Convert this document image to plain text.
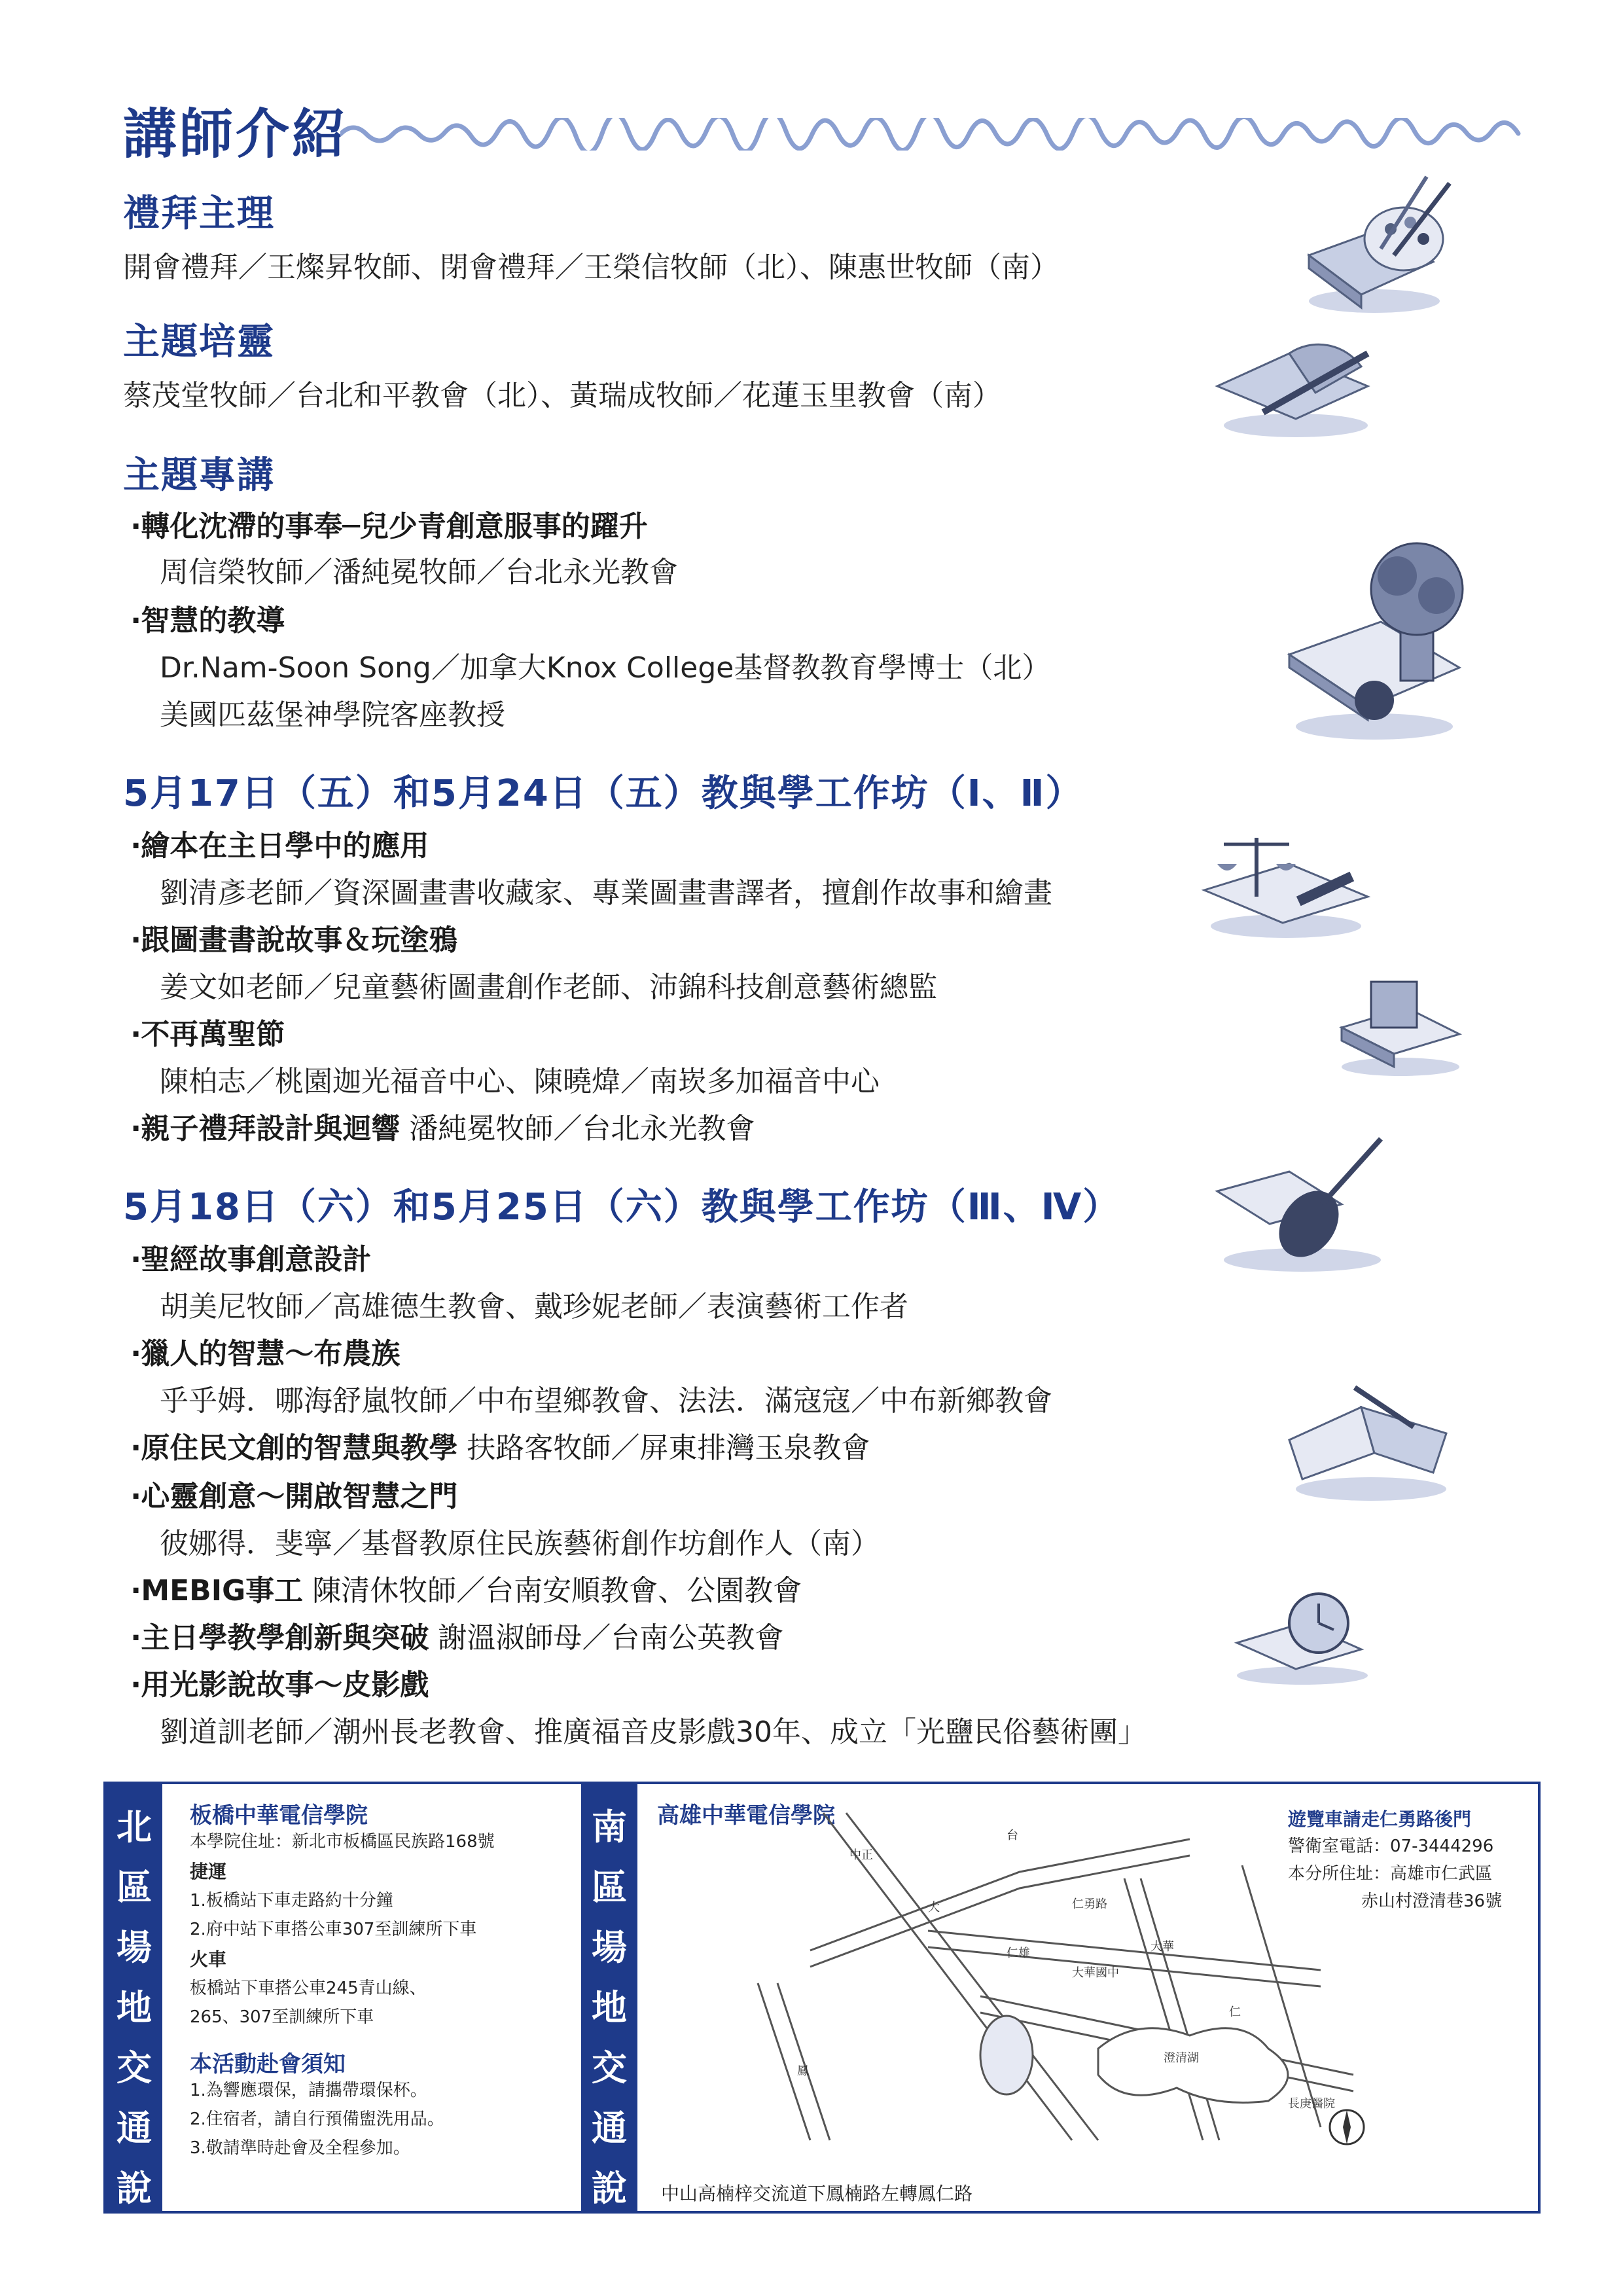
講師介紹
禮拜主理
開會禮拜／王燦昇牧師、閉會禮拜／王榮信牧師（北）、陳惠世牧師（南）
主題培靈
蔡茂堂牧師／台北和平教會（北）、黃瑞成牧師／花蓮玉里教會（南）
主題專講
‧轉化沈滯的事奉─兒少青創意服事的躍升
周信榮牧師／潘純冕牧師／台北永光教會
‧智慧的教導
Dr.Nam-Soon Song／加拿大Knox College基督教教育學博士（北）
美國匹茲堡神學院客座教授
5月17日（五）和5月24日（五）教與學工作坊（Ⅰ、Ⅱ）
‧繪本在主日學中的應用
劉清彥老師／資深圖畫書收藏家、專業圖畫書譯者，擅創作故事和繪畫
‧跟圖畫書說故事＆玩塗鴉
姜文如老師／兒童藝術圖畫創作老師、沛錦科技創意藝術總監
‧不再萬聖節
陳柏志／桃園迦光福音中心、陳曉煒／南崁多加福音中心
‧親子禮拜設計與迴響 潘純冕牧師／台北永光教會
5月18日（六）和5月25日（六）教與學工作坊（Ⅲ、Ⅳ）
‧聖經故事創意設計
胡美尼牧師／高雄德生教會、戴珍妮老師／表演藝術工作者
‧獵人的智慧～布農族
乎乎姆．哪海舒嵐牧師／中布望鄉教會、法法．滿寇寇／中布新鄉教會
‧原住民文創的智慧與教學 扶路客牧師／屏東排灣玉泉教會
‧心靈創意～開啟智慧之門
彼娜得．斐寧／基督教原住民族藝術創作坊創作人（南）
‧MEBIG事工 陳清休牧師／台南安順教會、公園教會
‧主日學教學創新與突破 謝溫淑師母／台南公英教會
‧用光影說故事～皮影戲
劉道訓老師／潮州長老教會、推廣福音皮影戲30年、成立「光鹽民俗藝術團」
北
區
場
地
交
通
說
明
南
區
場
地
交
通
說
明
板橋中華電信學院
本學院住址：新北市板橋區民族路168號
捷運
1.板橋站下車走路約十分鐘
2.府中站下車搭公車307至訓練所下車
火車
板橋站下車搭公車245青山線、
265、307至訓練所下車
本活動赴會須知
1.為響應環保，請攜帶環保杯。
2.住宿者，請自行預備盥洗用品。
3.敬請準時赴會及全程參加。
高雄中華電信學院	遊覽車請走仁勇路後門
警衛室電話：07-3444296
本分所住址：高雄市仁武區
赤山村澄清巷36號
仁勇路
中正
大華國中
大華
澄清湖
仁雄
長庚醫院
大
仁
鳳
台
中山高楠梓交流道下鳳楠路左轉鳳仁路
